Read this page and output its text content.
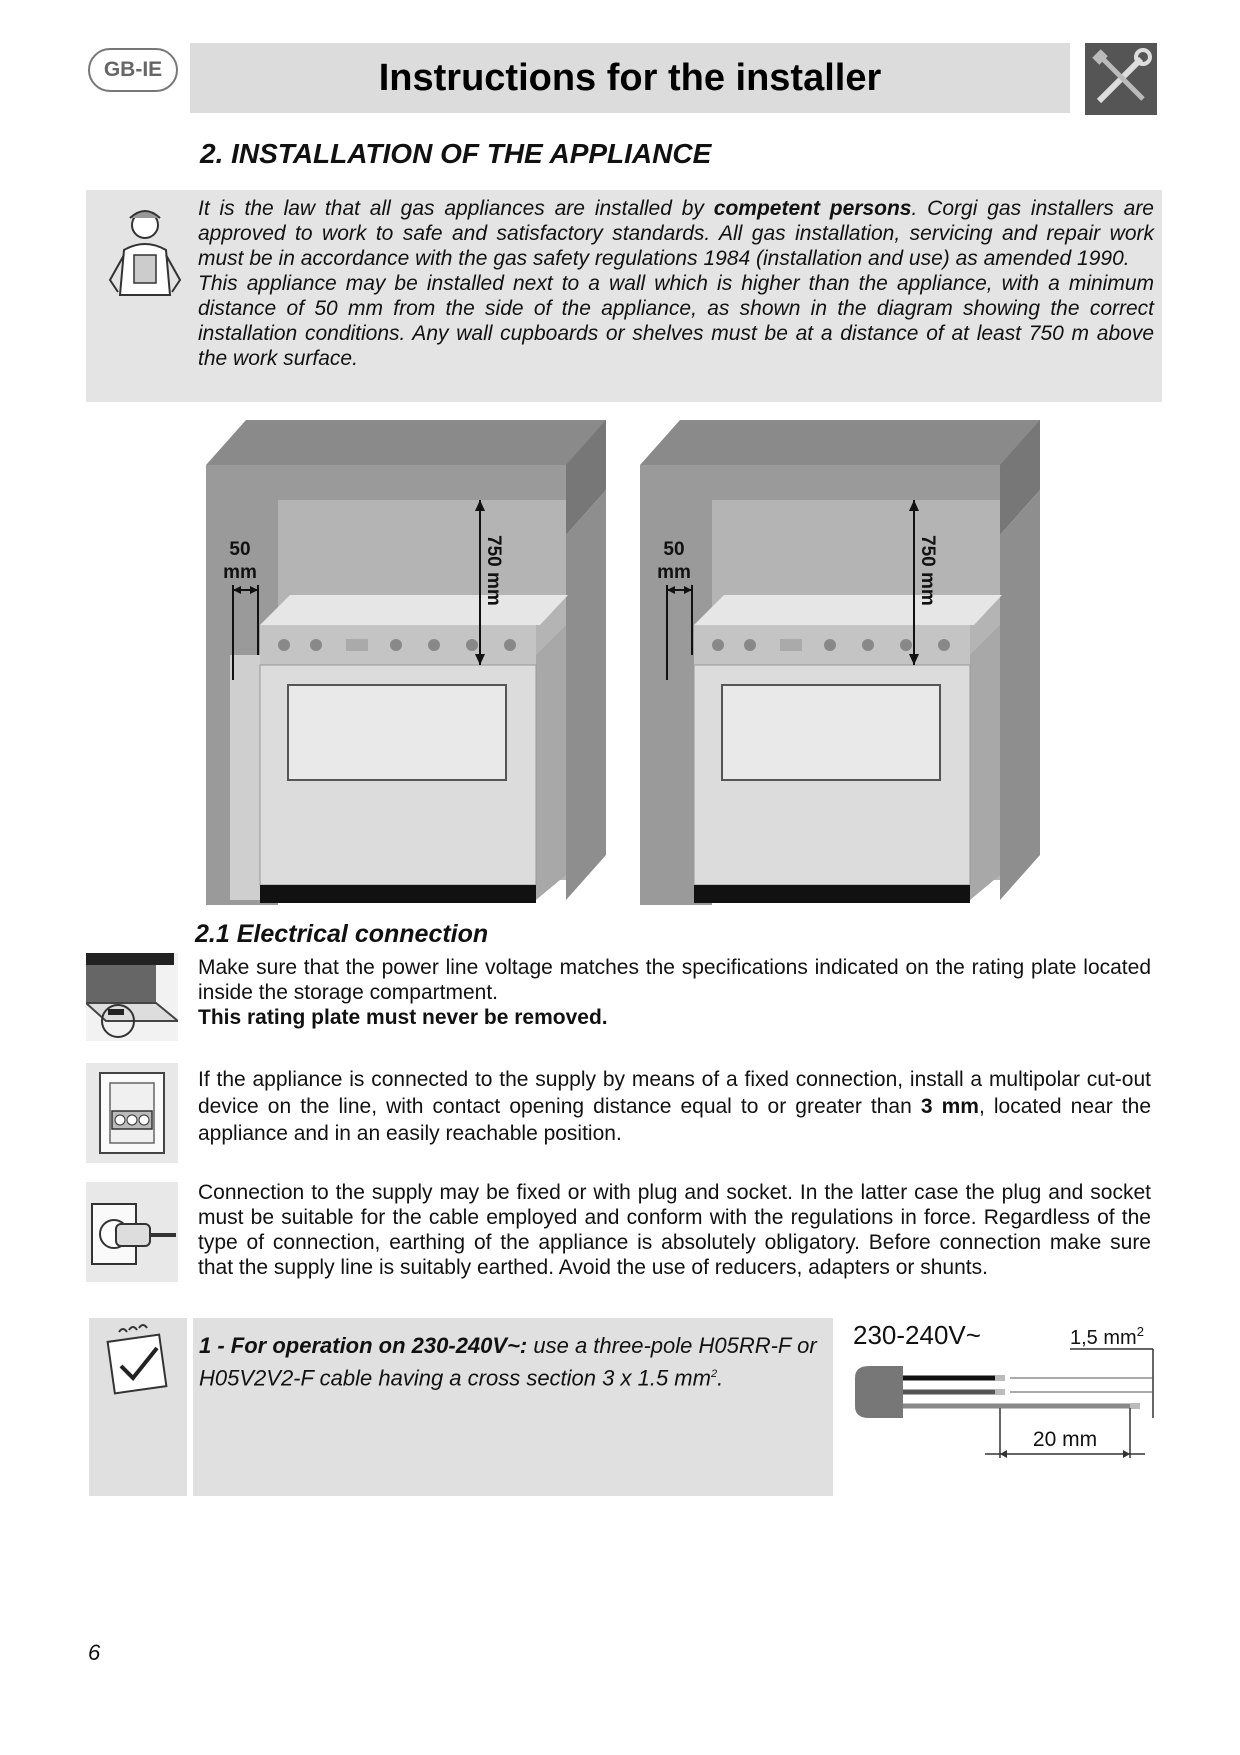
GB-IE	Instructions for the installer
2. INSTALLATION OF THE APPLIANCE

It is the law that all gas appliances are installed by competent persons. Corgi gas installers are approved to work to safe and satisfactory standards. All gas installation, servicing and repair work must be in accordance with the gas safety regulations 1984 (installation and use) as amended 1990.

This appliance may be installed next to a wall which is higher than the appliance, with a minimum distance of 50 mm from the side of the appliance, as shown in the diagram showing the correct installation conditions. Any wall cupboards or shelves must be at a distance of at least 750 m above the work surface.

50
mm	750 mm	50
mm	750 mm
2.1 Electrical connection

Make sure that the power line voltage matches the specifications indicated on the rating plate located inside the storage compartment.

This rating plate must never be removed.

If the appliance is connected to the supply by means of a fixed connection, install a multipolar cut-out device on the line, with contact opening distance equal to or greater than 3 mm, located near the appliance and in an easily reachable position.

Connection to the supply may be fixed or with plug and socket. In the latter case the plug and socket must be suitable for the cable employed and conform with the regulations in force. Regardless of the type of connection, earthing of the appliance is absolutely obligatory. Before connection make sure that the supply line is suitably earthed. Avoid the use of reducers, adapters or shunts.

1 - For operation on 230-240V~: use a three-pole H05RR-F or H05V2V2-F cable having a cross section 3 x 1.5 $mm^2$.
230-240V~	1,5 $mm^2$
20 mm
6
